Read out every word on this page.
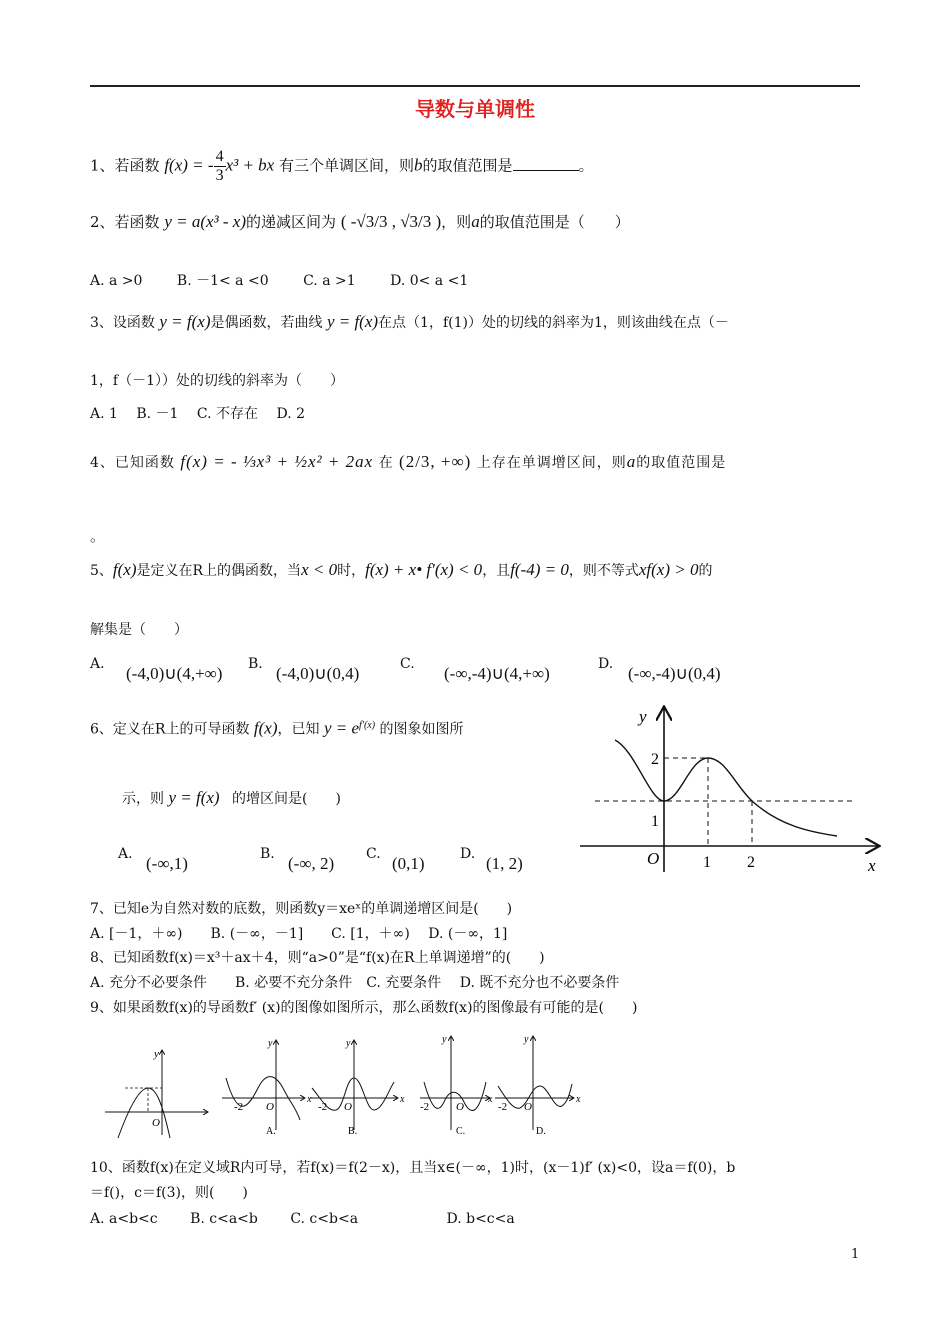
导数与单调性
1、若函数 f(x) = - $\frac{4}{3} x^3$ + bx 有三个单调区间，则b的取值范围是	。
2、若函数 y = a(x³ - x)的递减区间为 ( -√3/3 , √3/3 )，则a的取值范围是（　　）
A. a >0 B. －1< a <0 C. a >1 D. 0< a <1
3、设函数 y = f(x)是偶函数，若曲线 y = f(x)在点（1，f(1)）处的切线的斜率为1，则该曲线在点（－
1，f（－1））处的切线的斜率为（　　）
A. 1　 B. －1　 C. 不存在　 D. 2
4、已知函数 f(x) = - ⅓x³ + ½x² + 2ax 在 (2/3, +∞) 上存在单调增区间，则a的取值范围是
。
5、f(x)是定义在R上的偶函数，当x < 0时，f(x) + x• f′(x) < 0，且f(-4) = 0，则不等式xf(x) > 0的
解集是（　　）
A. (-4,0)∪(4,+∞) B. (-4,0)∪(0,4)	C. (-∞,-4)∪(4,+∞)	D. (-∞,-4)∪(0,4)
6、定义在R上的可导函数 f(x)，已知 $y = e^{f'(x)}$ 的图象如图所
示，则 y = f(x) 的增区间是(　　)
A. (-∞,1)	B. (-∞, 2) C. (0,1)	D. (1, 2)
y
x
O	1 2
1
2
7、已知e为自然对数的底数，则函数y＝xeˣ的单调递增区间是(　　)
A. [－1，＋∞)　　B. (－∞，－1]　　C. [1，＋∞)　 D. (－∞，1]
8、已知函数f(x)＝x³＋ax＋4，则“a>0”是“f(x)在R上单调递增”的(　　)
A. 充分不必要条件　　B. 必要不充分条件　C. 充要条件　 D. 既不充分也不必要条件
9、如果函数f(x)的导函数f′ (x)的图像如图所示，那么函数f(x)的图像最有可能的是(　　)
O
y
y
x
O
-2
A.
y
x
O
-2
B.
y
x
O
-2
C.
y
x
O
-2
D.
10、函数f(x)在定义域R内可导，若f(x)＝f(2－x)，且当x∈(－∞，1)时，(x－1)f′ (x)<0，设a＝f(0)，b
＝f()，c＝f(3)，则(　　)
A. a<b<c　　 B. c<a<b　　 C. c<b<a　　　　　　 D. b<c<a
1
